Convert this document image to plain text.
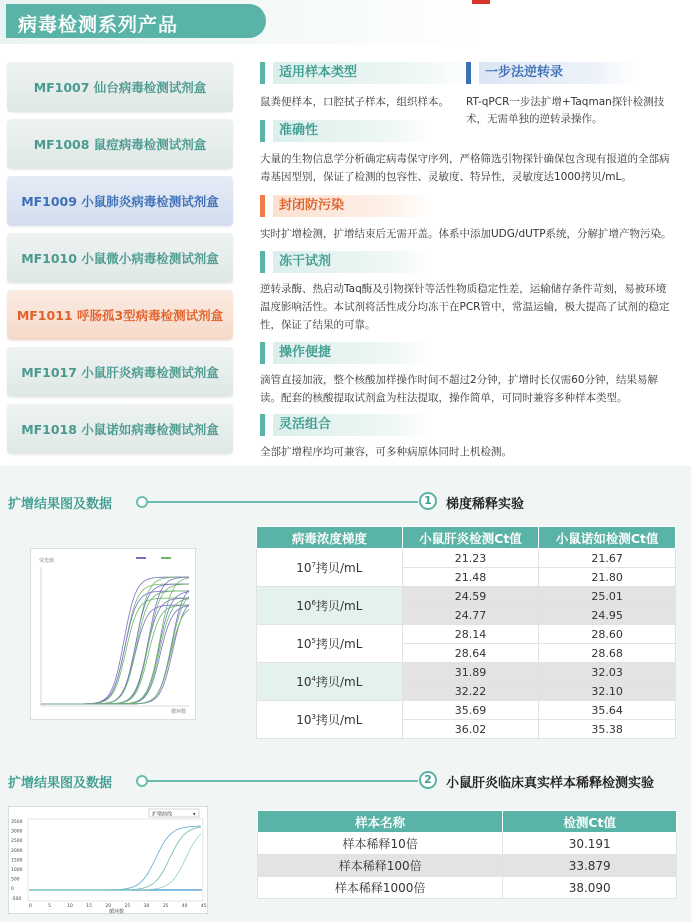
病毒检测系列产品
MF1007 仙台病毒检测试剂盒
MF1008 鼠痘病毒检测试剂盒
MF1009 小鼠肺炎病毒检测试剂盒
MF1010 小鼠微小病毒检测试剂盒
MF1011 呼肠孤3型病毒检测试剂盒
MF1017 小鼠肝炎病毒检测试剂盒
MF1018 小鼠诺如病毒检测试剂盒
适用样本类型
鼠粪便样本，口腔拭子样本，组织样本。
一步法逆转录
RT-qPCR一步法扩增+Taqman探针检测技
术，无需单独的逆转录操作。
准确性
大量的生物信息学分析确定病毒保守序列，严格筛选引物探针确保包含现有报道的全部病
毒基因型别，保证了检测的包容性、灵敏度、特异性，灵敏度达1000拷贝/mL。
封闭防污染
实时扩增检测，扩增结束后无需开盖。体系中添加UDG/dUTP系统，分解扩增产物污染。
冻干试剂
逆转录酶、热启动Taq酶及引物探针等活性物质稳定性差，运输储存条件苛刻，易被环境
温度影响活性。本试剂将活性成分均冻干在PCR管中，常温运输，极大提高了试剂的稳定
性，保证了结果的可靠。
操作便捷
滴管直接加液，整个核酸加样操作时间不超过2分钟，扩增时长仅需60分钟，结果易解
读。配套的核酸提取试剂盒为柱法提取，操作简单，可同时兼容多种样本类型。
灵活组合
全部扩增程序均可兼容，可多种病原体同时上机检测。
扩增结果图及数据	1	梯度稀释实验
荧光值
循环数
病毒浓度梯度	小鼠肝炎检测Ct值	小鼠诺如检测Ct值
$10^7$拷贝/mL	21.23	21.67
	21.48	21.80
$10^6$拷贝/mL	24.59	25.01
	24.77	24.95
$10^5$拷贝/mL	28.14	28.60
	28.64	28.68
$10^4$拷贝/mL	31.89	32.03
	32.22	32.10
$10^3$拷贝/mL	35.69	35.64
	36.02	35.38
扩增结果图及数据	2	小鼠肝炎临床真实样本稀释检测实验
扩增曲线	▾
3500
3000
2500
2000
1500
1000
500
0
-500
0	5	10	15	20	25	30	35	40	45
循环数
样本名称	检测Ct值
样本稀释10倍	30.191
样本稀释100倍	33.879
样本稀释1000倍	38.090
